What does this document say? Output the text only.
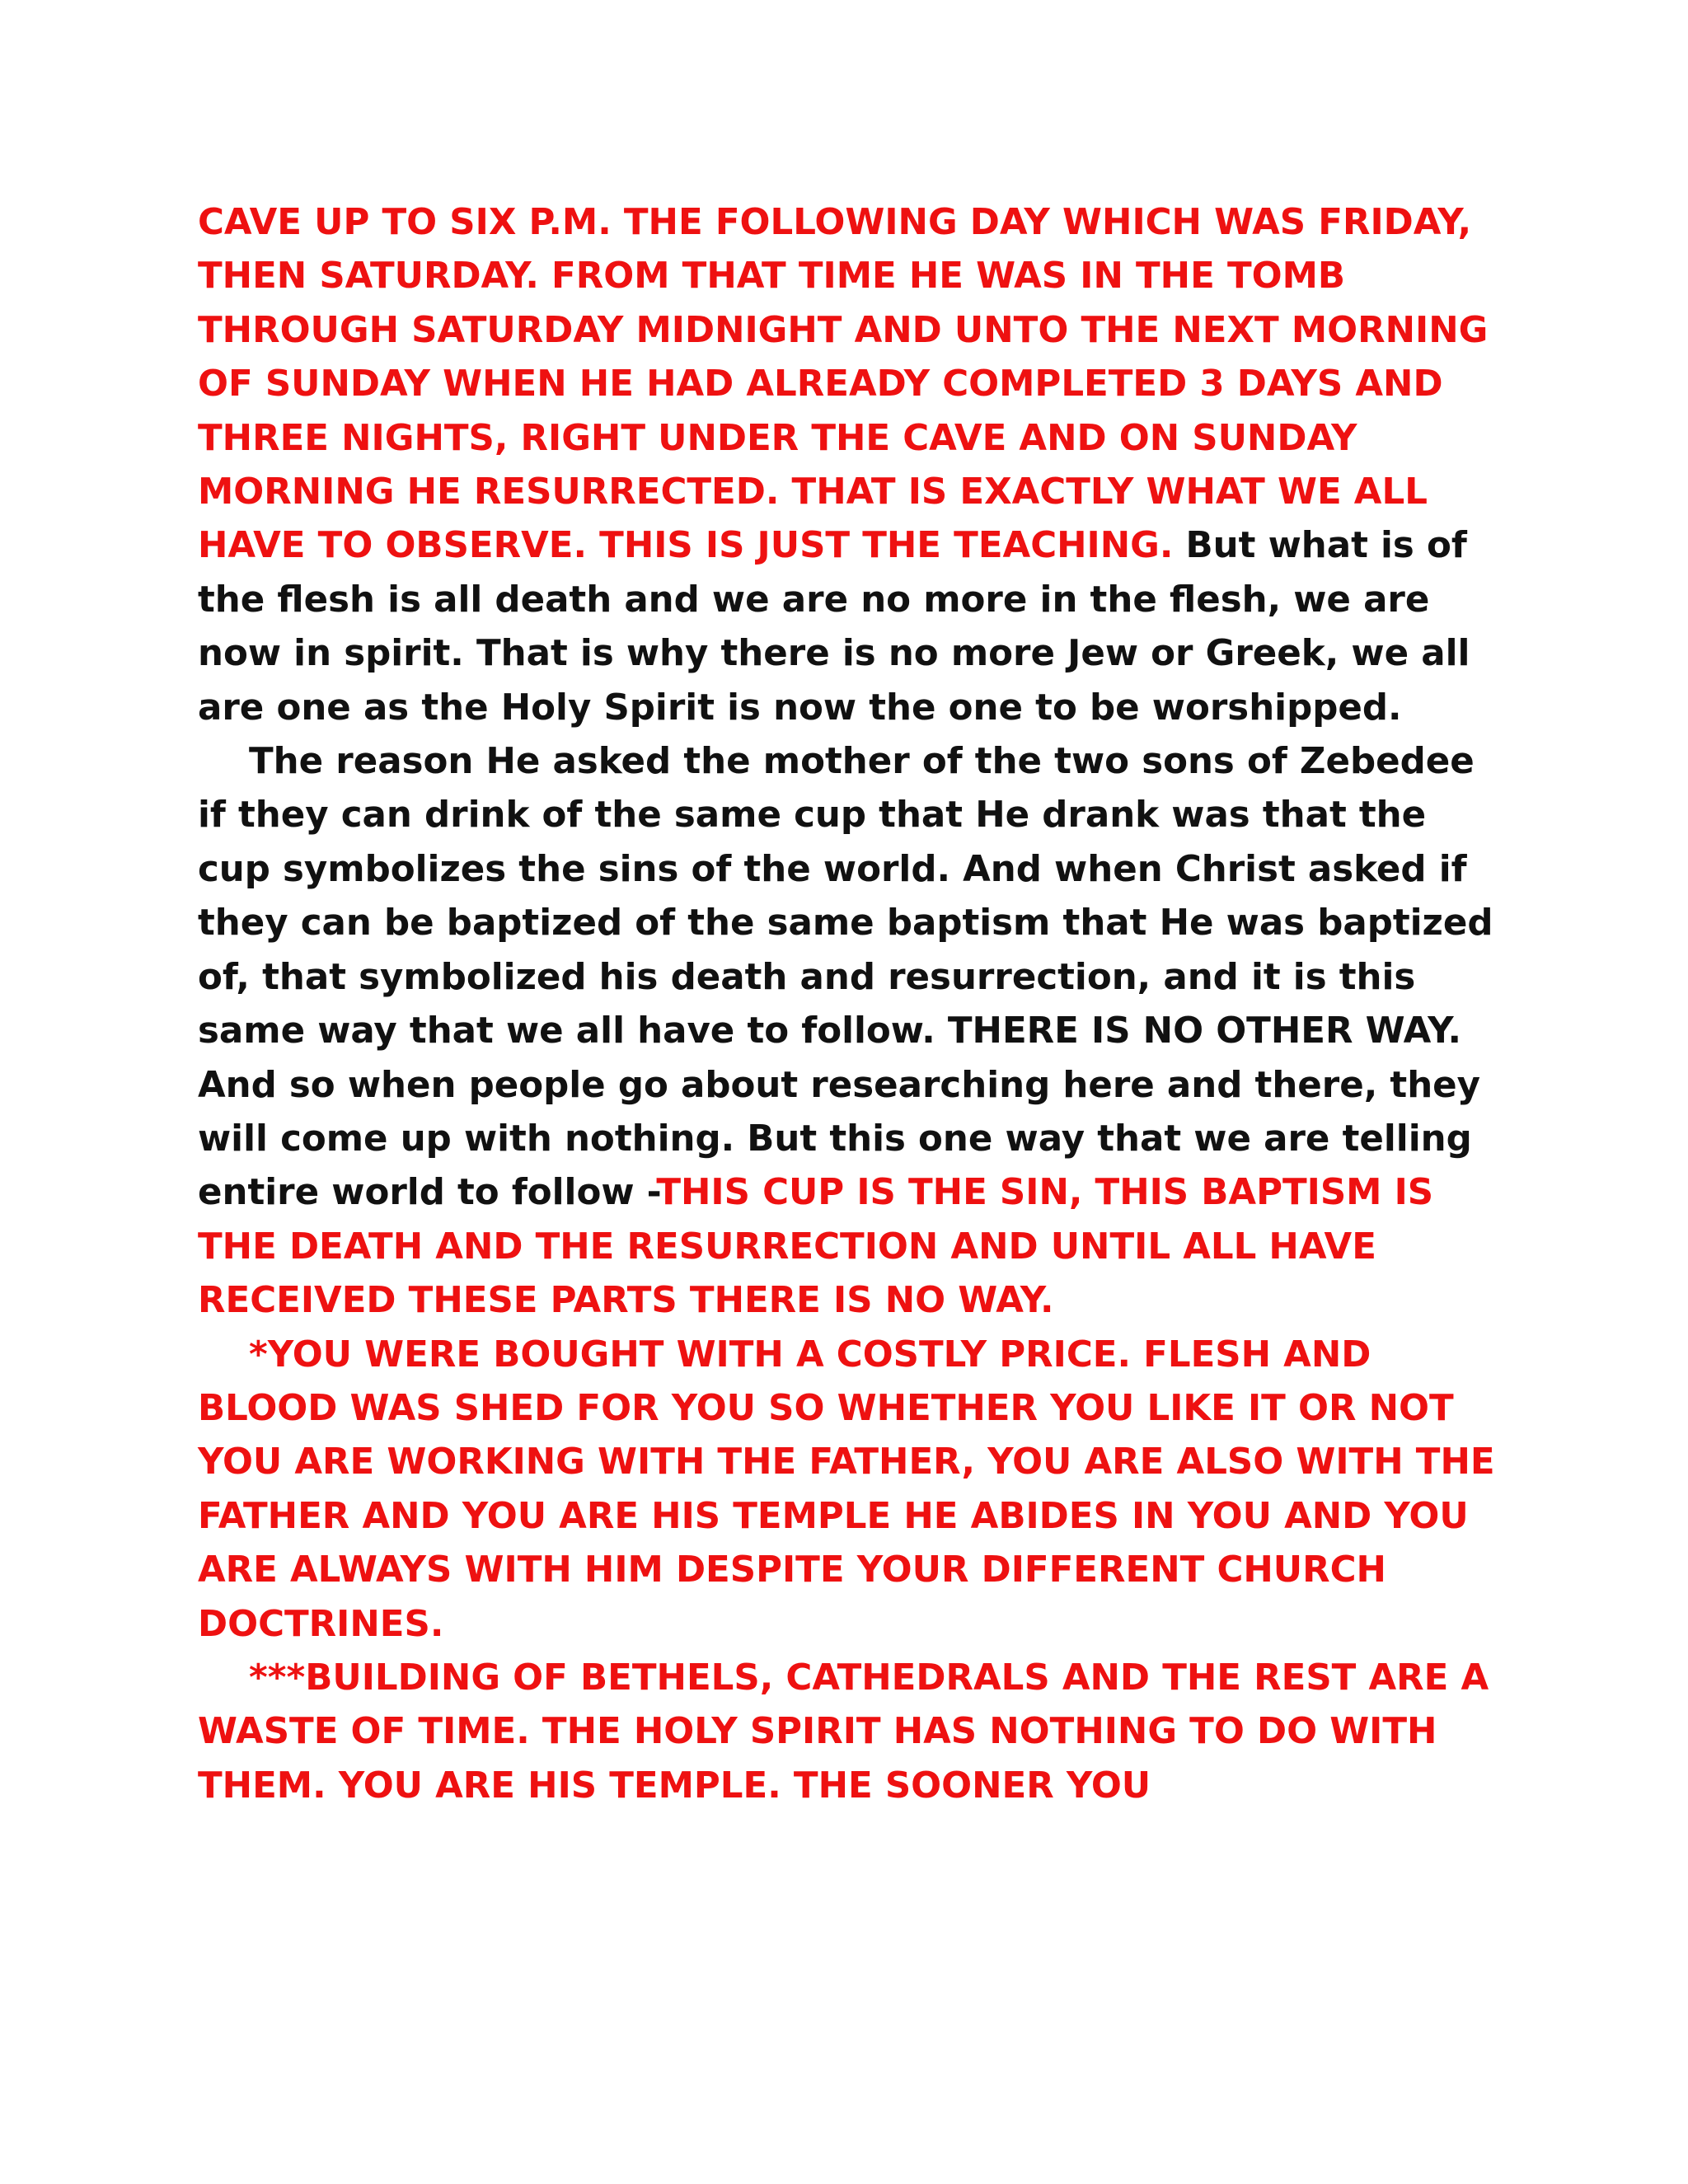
CAVE UP TO SIX P.M. THE FOLLOWING DAY WHICH WAS FRIDAY, THEN SATURDAY. FROM THAT TIME HE WAS IN THE TOMB THROUGH SATURDAY MIDNIGHT AND UNTO THE NEXT MORNING OF SUNDAY WHEN HE HAD ALREADY COMPLETED 3 DAYS AND THREE NIGHTS, RIGHT UNDER THE CAVE AND ON SUNDAY MORNING HE RESURRECTED. THAT IS EXACTLY WHAT WE ALL HAVE TO OBSERVE. THIS IS JUST THE TEACHING. But what is of the flesh is all death and we are no more in the flesh, we are now in spirit. That is why there is no more Jew or Greek, we all are one as the Holy Spirit is now the one to be worshipped.

The reason He asked the mother of the two sons of Zebedee if they can drink of the same cup that He drank was that the cup symbolizes the sins of the world. And when Christ asked if they can be baptized of the same baptism that He was baptized of, that symbolized his death and resurrection, and it is this same way that we all have to follow. THERE IS NO OTHER WAY. And so when people go about researching here and there, they will come up with nothing. But this one way that we are telling entire world to follow -THIS CUP IS THE SIN, THIS BAPTISM IS THE DEATH AND THE RESURRECTION AND UNTIL ALL HAVE RECEIVED THESE PARTS THERE IS NO WAY.

*YOU WERE BOUGHT WITH A COSTLY PRICE. FLESH AND BLOOD WAS SHED FOR YOU SO WHETHER YOU LIKE IT OR NOT YOU ARE WORKING WITH THE FATHER, YOU ARE ALSO WITH THE FATHER AND YOU ARE HIS TEMPLE HE ABIDES IN YOU AND YOU ARE ALWAYS WITH HIM DESPITE YOUR DIFFERENT CHURCH DOCTRINES.

***BUILDING OF BETHELS, CATHEDRALS AND THE REST ARE A WASTE OF TIME. THE HOLY SPIRIT HAS NOTHING TO DO WITH THEM. YOU ARE HIS TEMPLE. THE SOONER YOU
